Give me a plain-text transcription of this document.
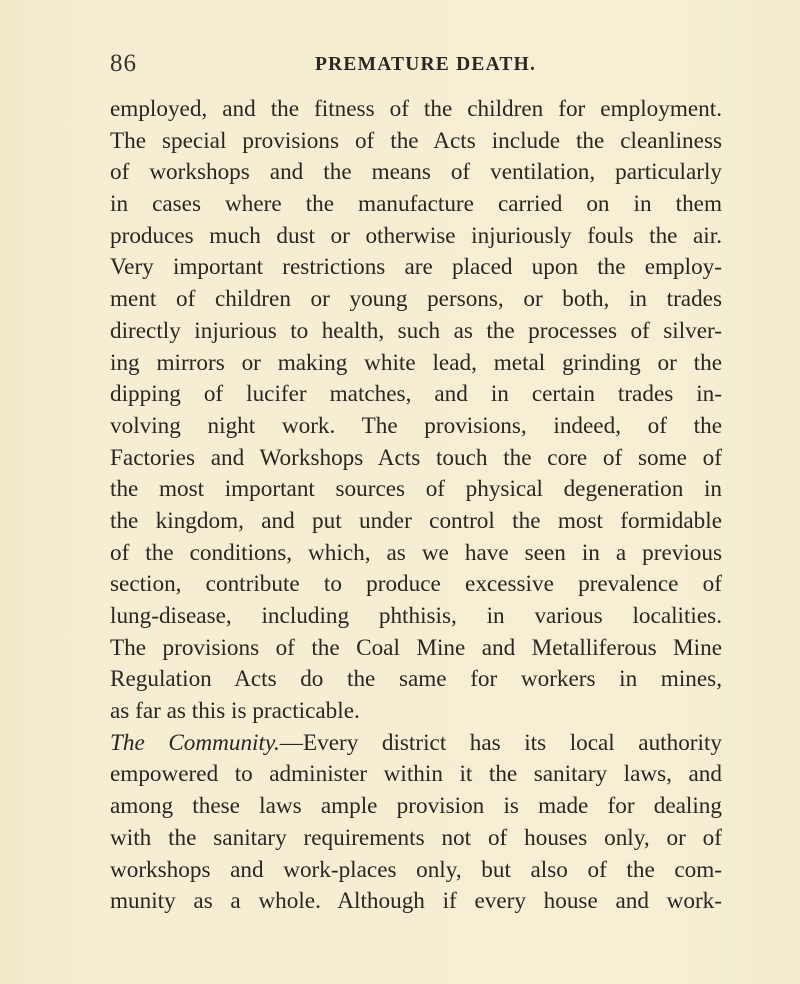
86	PREMATURE DEATH.
employed, and the fitness of the children for employment.
The special provisions of the Acts include the cleanliness
of workshops and the means of ventilation, particularly
in cases where the manufacture carried on in them
produces much dust or otherwise injuriously fouls the air.
Very important restrictions are placed upon the employ-
ment of children or young persons, or both, in trades
directly injurious to health, such as the processes of silver-
ing mirrors or making white lead, metal grinding or the
dipping of lucifer matches, and in certain trades in-
volving night work. The provisions, indeed, of the
Factories and Workshops Acts touch the core of some of
the most important sources of physical degeneration in
the kingdom, and put under control the most formidable
of the conditions, which, as we have seen in a previous
section, contribute to produce excessive prevalence of
lung-disease, including phthisis, in various localities.
The provisions of the Coal Mine and Metalliferous Mine
Regulation Acts do the same for workers in mines,
as far as this is practicable.
The Community.—Every district has its local authority
empowered to administer within it the sanitary laws, and
among these laws ample provision is made for dealing
with the sanitary requirements not of houses only, or of
workshops and work-places only, but also of the com-
munity as a whole. Although if every house and work-
